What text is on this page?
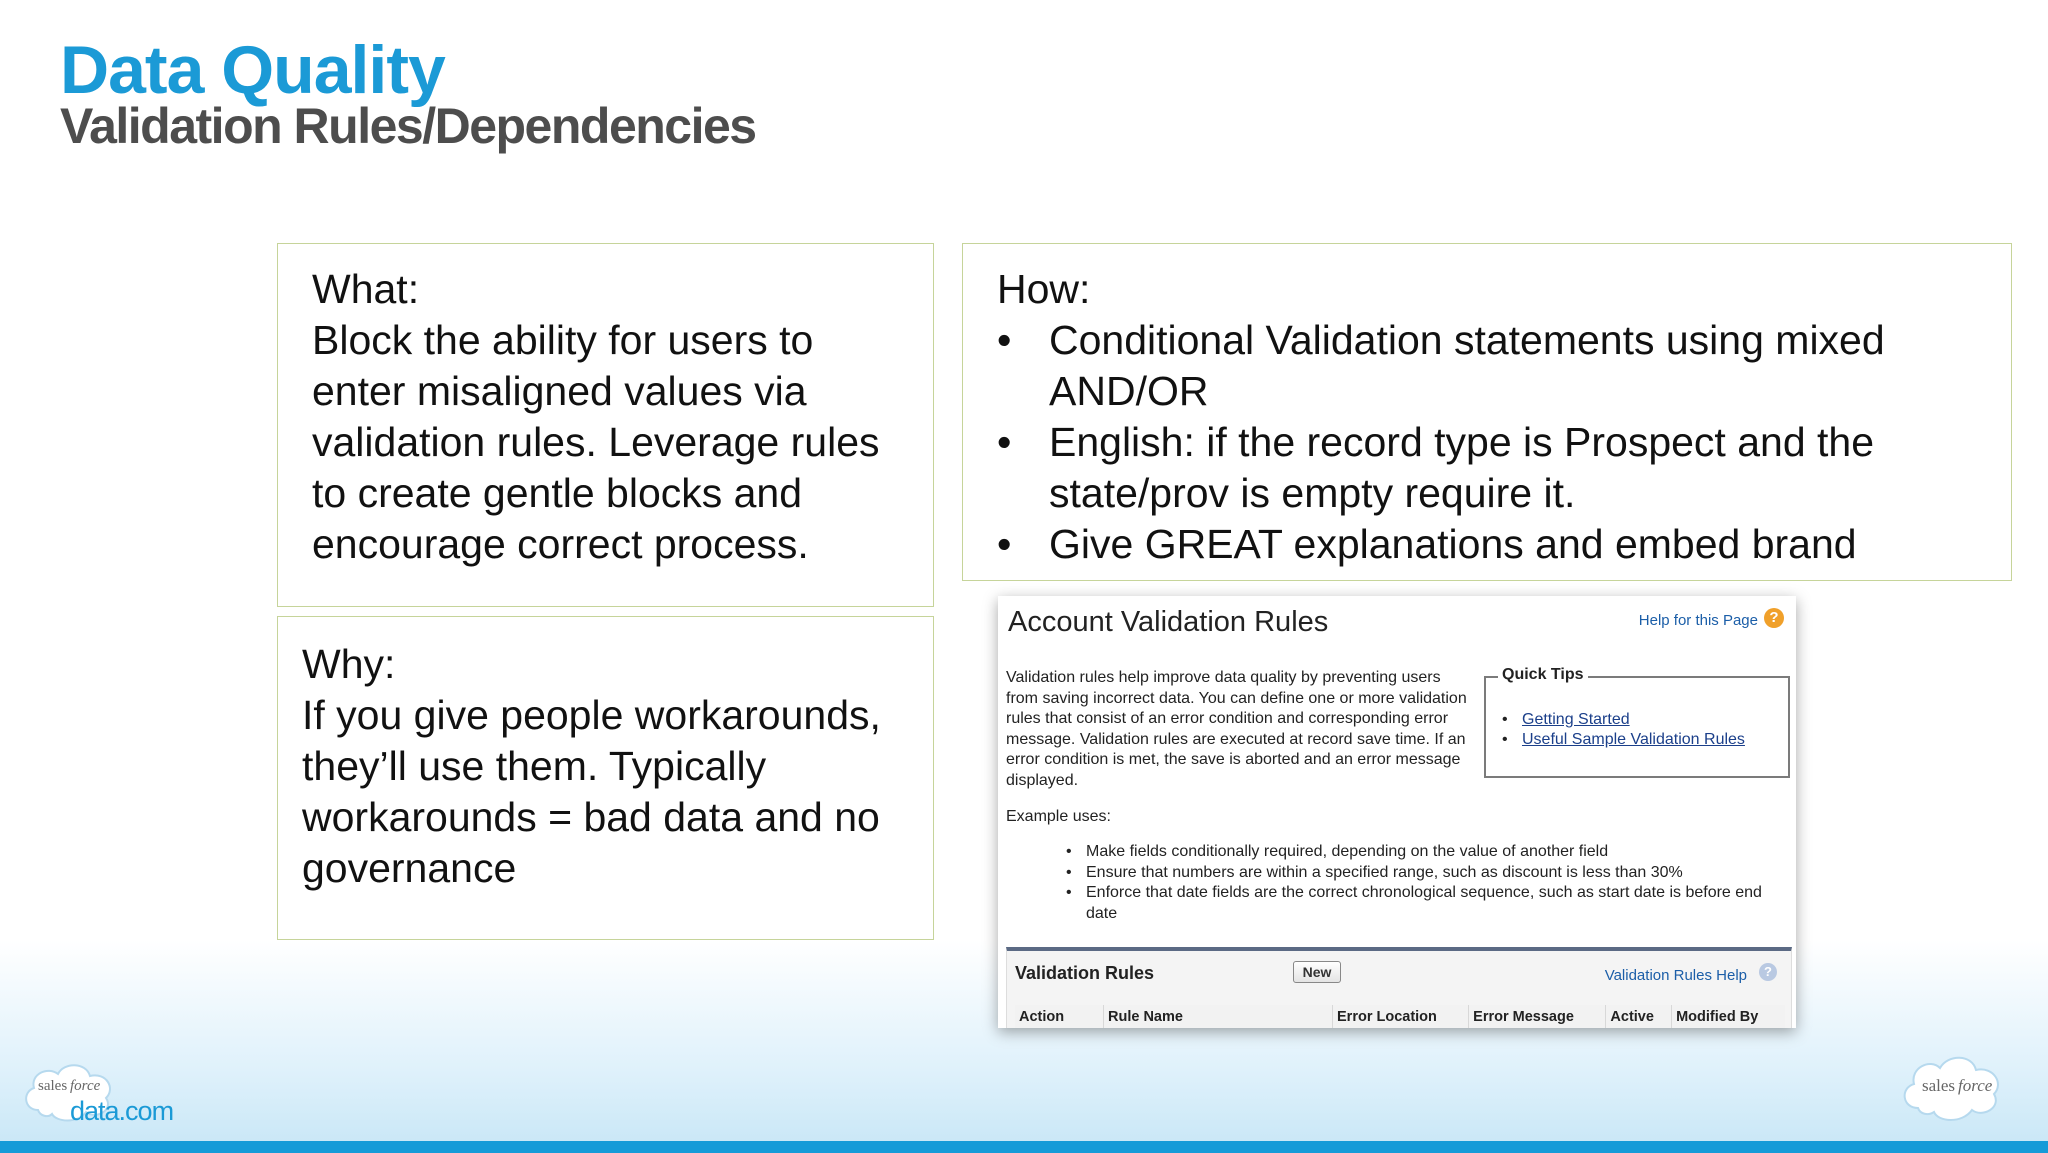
Data Quality
Validation Rules/Dependencies

What:

Block the ability for users to enter misaligned values via validation rules. Leverage rules to create gentle blocks and encourage correct process.

Why:

If you give people workarounds, they’ll use them. Typically workarounds = bad data and no governance

How:

• Conditional Validation statements using mixed AND/OR
• English: if the record type is Prospect and the state/prov is empty require it.
• Give GREAT explanations and embed brand
Account Validation Rules	Help for this Page ?

Validation rules help improve data quality by preventing users from saving incorrect data. You can define one or more validation rules that consist of an error condition and corresponding error message. Validation rules are executed at record save time. If an error condition is met, the save is aborted and an error message displayed.

Quick Tips
• Getting Started
• Useful Sample Validation Rules
Example uses:
• Make fields conditionally required, depending on the value of another field
• Ensure that numbers are within a specified range, such as discount is less than 30%
• Enforce that date fields are the correct chronological sequence, such as start date is before end date
Validation Rules	New	Validation Rules Help	?
Action	Rule Name	Error Location	Error Message	Active	Modified By
sales force
data.com
sales force
